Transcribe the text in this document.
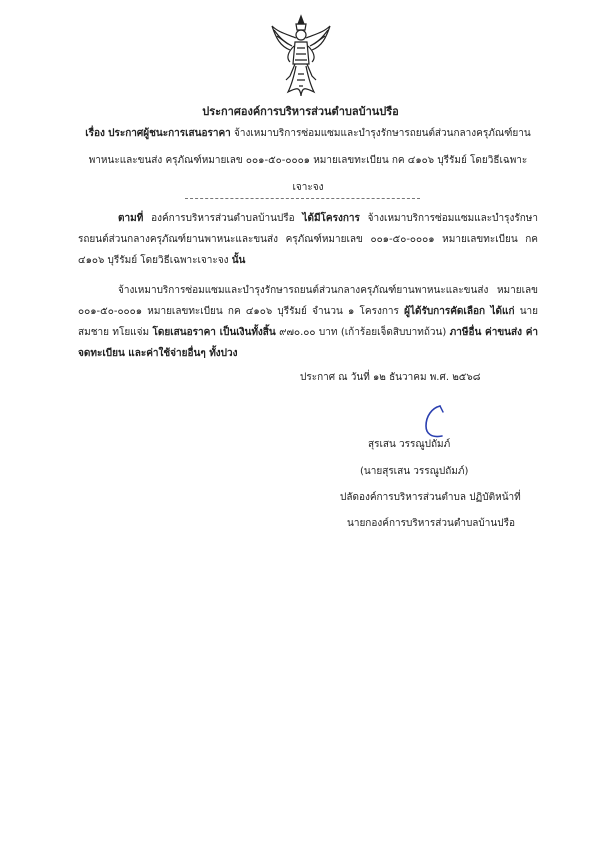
ประกาศองค์การบริหารส่วนตำบลบ้านปรือ
เรื่อง ประกาศผู้ชนะการเสนอราคา จ้างเหมาบริการซ่อมแซมและบำรุงรักษารถยนต์ส่วนกลางครุภัณฑ์ยานพาหนะและขนส่ง ครุภัณฑ์หมายเลข ๐๐๑-๕๐-๐๐๐๑ หมายเลขทะเบียน กค ๔๑๐๖ บุรีรัมย์ โดยวิธีเฉพาะเจาะจง
ตามที่ องค์การบริหารส่วนตำบลบ้านปรือ ได้มีโครงการ จ้างเหมาบริการซ่อมแซมและบำรุงรักษารถยนต์ส่วนกลางครุภัณฑ์ยานพาหนะและขนส่ง ครุภัณฑ์หมายเลข ๐๐๑-๕๐-๐๐๐๑ หมายเลขทะเบียน กค ๔๑๐๖ บุรีรัมย์ โดยวิธีเฉพาะเจาะจง นั้น
จ้างเหมาบริการซ่อมแซมและบำรุงรักษารถยนต์ส่วนกลางครุภัณฑ์ยานพาหนะและขนส่ง หมายเลข ๐๐๑-๕๐-๐๐๐๑ หมายเลขทะเบียน กค ๔๑๐๖ บุรีรัมย์ จำนวน ๑ โครงการ ผู้ได้รับการคัดเลือก ได้แก่ นายสมชาย ทโยแจ่ม โดยเสนอราคา เป็นเงินทั้งสิ้น ๙๗๐.๐๐ บาท (เก้าร้อยเจ็ดสิบบาทถ้วน) ภาษีอื่น ค่าขนส่ง ค่าจดทะเบียน และค่าใช้จ่ายอื่นๆ ทั้งปวง
ประกาศ ณ วันที่ ๑๒ ธันวาคม พ.ศ. ๒๕๖๘
สุรเสน วรรณูปถัมภ์
(นายสุรเสน วรรณูปถัมภ์)
ปลัดองค์การบริหารส่วนตำบล ปฏิบัติหน้าที่
นายกองค์การบริหารส่วนตำบลบ้านปรือ
